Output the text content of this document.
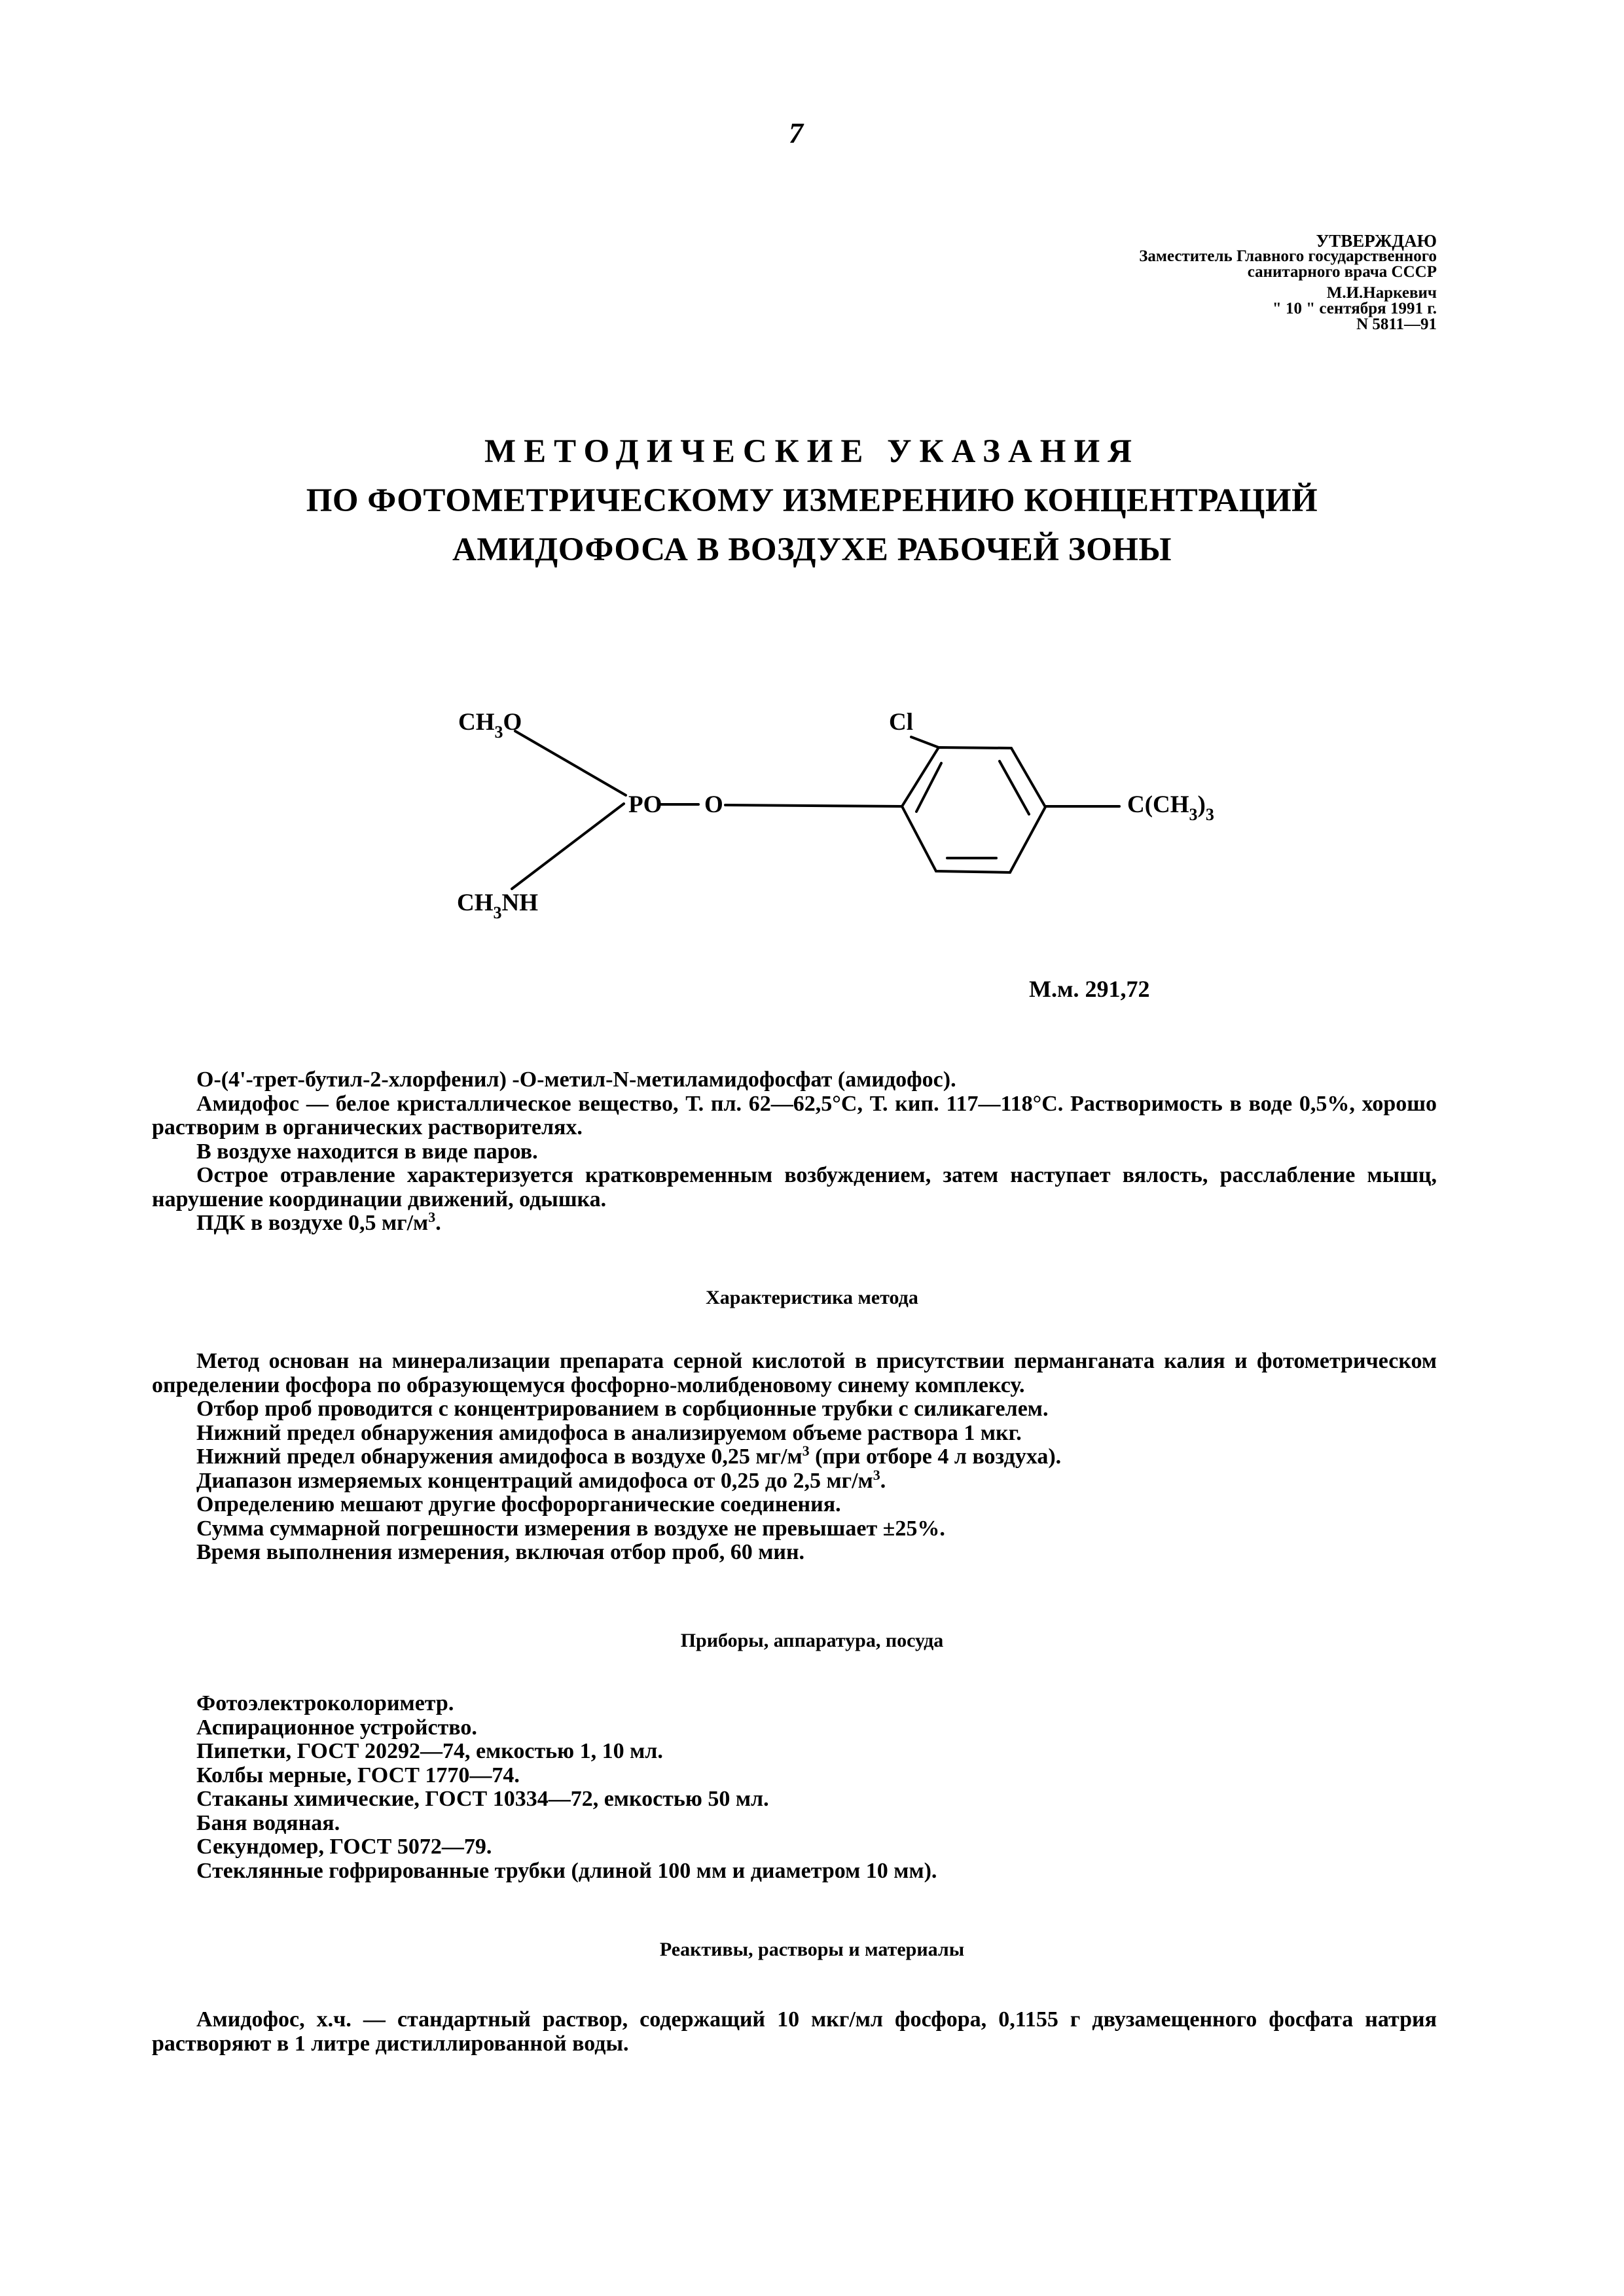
7
УТВЕРЖДАЮ
Заместитель Главного государственного
санитарного врача СССР
М.И.Наркевич
" 10 " сентября 1991 г.
N 5811—91
МЕТОДИЧЕСКИЕ УКАЗАНИЯ
ПО ФОТОМЕТРИЧЕСКОМУ ИЗМЕРЕНИЮ КОНЦЕНТРАЦИЙ
АМИДОФОСА В ВОЗДУХЕ РАБОЧЕЙ ЗОНЫ
$CH_3O$
$CH_3NH$
PO O
Cl
$C(CH_3)_3$
М.м. 291,72

О-(4'-трет-бутил-2-хлорфенил) -О-метил-N-метиламидофосфат (амидофос).

Амидофос — белое кристаллическое вещество, Т. пл. 62—62,5°С, Т. кип. 117—118°С. Растворимость в воде 0,5%, хорошо растворим в органических растворителях.

В воздухе находится в виде паров.

Острое отравление характеризуется кратковременным возбуждением, затем наступает вялость, расслабление мышц, нарушение координации движений, одышка.

ПДК в воздухе 0,5 $мг/м^3$.

Характеристика метода

Метод основан на минерализации препарата серной кислотой в присутствии перманганата калия и фотометрическом определении фосфора по образующемуся фосфорно-молибденовому синему комплексу.

Отбор проб проводится с концентрированием в сорбционные трубки с силикагелем.

Нижний предел обнаружения амидофоса в анализируемом объеме раствора 1 мкг.

Нижний предел обнаружения амидофоса в воздухе 0,25 $мг/м^3$ (при отборе 4 л воздуха).

Диапазон измеряемых концентраций амидофоса от 0,25 до 2,5 $мг/м^3$.

Определению мешают другие фосфорорганические соединения.

Сумма суммарной погрешности измерения в воздухе не превышает ±25%.

Время выполнения измерения, включая отбор проб, 60 мин.

Приборы, аппаратура, посуда
Фотоэлектроколориметр.
Аспирационное устройство.
Пипетки, ГОСТ 20292—74, емкостью 1, 10 мл.
Колбы мерные, ГОСТ 1770—74.
Стаканы химические, ГОСТ 10334—72, емкостью 50 мл.
Баня водяная.
Секундомер, ГОСТ 5072—79.
Стеклянные гофрированные трубки (длиной 100 мм и диаметром 10 мм).
Реактивы, растворы и материалы

Амидофос, х.ч. — стандартный раствор, содержащий 10 мкг/мл фосфора, 0,1155 г двузамещенного фосфата натрия растворяют в 1 литре дистиллированной воды.
